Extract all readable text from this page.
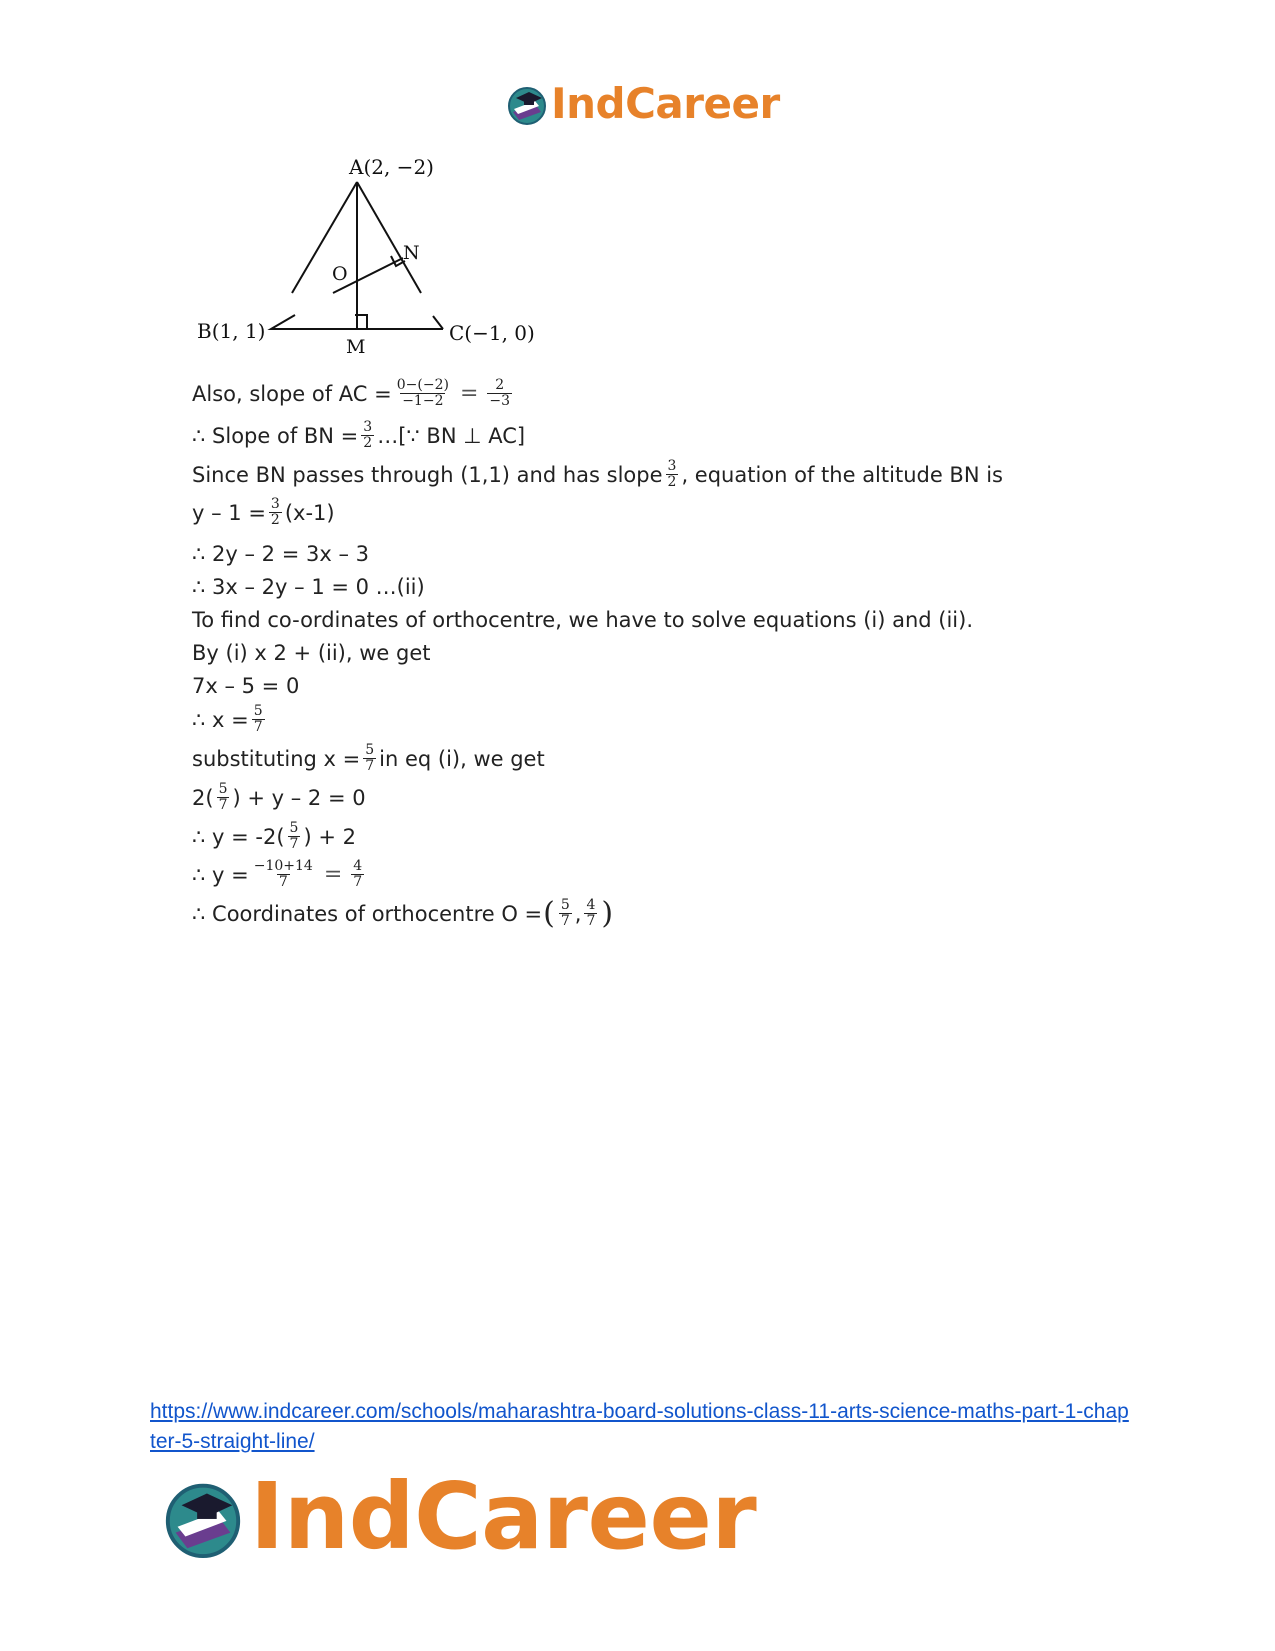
IndCareer
A(2, −2)
B(1, 1)	C(−1, 0)
M
N
O
Also, slope of AC = $\frac{0-(-2)}{-1-2} = \frac{2}{-3}$
∴ Slope of BN = $\frac{3}{2}$ …[∵ BN ⊥ AC]
Since BN passes through (1,1) and has slope $\frac{3}{2}$ , equation of the altitude BN is
$y - 1 = \frac{3}{2} (x-1)$
∴ 2y – 2 = 3x – 3
∴ 3x – 2y – 1 = 0 …(ii)
To find co-ordinates of orthocentre, we have to solve equations (i) and (ii).
By (i) x 2 + (ii), we get
7x – 5 = 0
∴ $x = \frac{5}{7}$
substituting $x = \frac{5}{7}$ in eq (i), we get
$2( \frac{5}{7}$ ) + y – 2 = 0
∴ $y = -2( \frac{5}{7}$ ) + 2
∴ $y = \frac{-10+14}{7} = \frac{4}{7}$
∴ Coordinates of orthocentre O = ( $\frac{5}{7}$ , $\frac{4}{7}$ )
https://www.indcareer.com/schools/maharashtra-board-solutions-class-11-arts-science-maths-part-1-chapter-5-straight-line/
IndCareer
